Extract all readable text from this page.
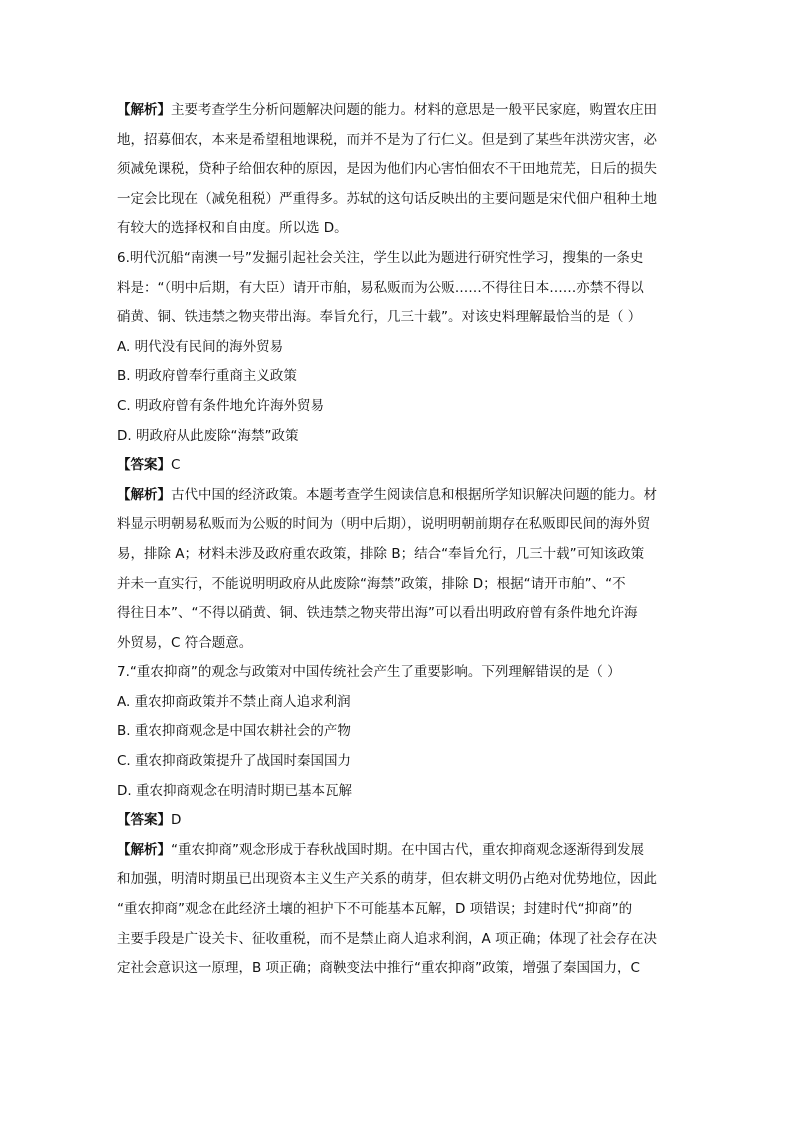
【解析】主要考查学生分析问题解决问题的能力。材料的意思是一般平民家庭，购置农庄田
地，招募佃农，本来是希望租地课税，而并不是为了行仁义。但是到了某些年洪涝灾害，必
须减免课税，贷种子给佃农种的原因，是因为他们内心害怕佃农不干田地荒芜，日后的损失
一定会比现在（减免租税）严重得多。苏轼的这句话反映出的主要问题是宋代佃户租种土地
有较大的选择权和自由度。所以选 D。
6.明代沉船“南澳一号”发掘引起社会关注，学生以此为题进行研究性学习，搜集的一条史
料是：“（明中后期，有大臣）请开市舶，易私贩而为公贩……不得往日本……亦禁不得以
硝黄、铜、铁违禁之物夹带出海。奉旨允行，几三十载”。对该史料理解最恰当的是（ ）
A. 明代没有民间的海外贸易
B. 明政府曾奉行重商主义政策
C. 明政府曾有条件地允许海外贸易
D. 明政府从此废除“海禁”政策
【答案】C
【解析】古代中国的经济政策。本题考查学生阅读信息和根据所学知识解决问题的能力。材
料显示明朝易私贩而为公贩的时间为（明中后期），说明明朝前期存在私贩即民间的海外贸
易，排除 A；材料未涉及政府重农政策，排除 B；结合“奉旨允行，几三十载”可知该政策
并未一直实行，不能说明明政府从此废除“海禁”政策，排除 D；根据“请开市舶”、“不
得往日本”、“不得以硝黄、铜、铁违禁之物夹带出海”可以看出明政府曾有条件地允许海
外贸易，C 符合题意。
7.“重农抑商”的观念与政策对中国传统社会产生了重要影响。下列理解错误的是（ ）
A. 重农抑商政策并不禁止商人追求利润
B. 重农抑商观念是中国农耕社会的产物
C. 重农抑商政策提升了战国时秦国国力
D. 重农抑商观念在明清时期已基本瓦解
【答案】D
【解析】“重农抑商”观念形成于春秋战国时期。在中国古代，重农抑商观念逐渐得到发展
和加强，明清时期虽已出现资本主义生产关系的萌芽，但农耕文明仍占绝对优势地位，因此
“重农抑商”观念在此经济土壤的袒护下不可能基本瓦解，D 项错误；封建时代“抑商”的
主要手段是广设关卡、征收重税，而不是禁止商人追求利润，A 项正确；体现了社会存在决
定社会意识这一原理，B 项正确；商鞅变法中推行“重农抑商”政策，增强了秦国国力，C
